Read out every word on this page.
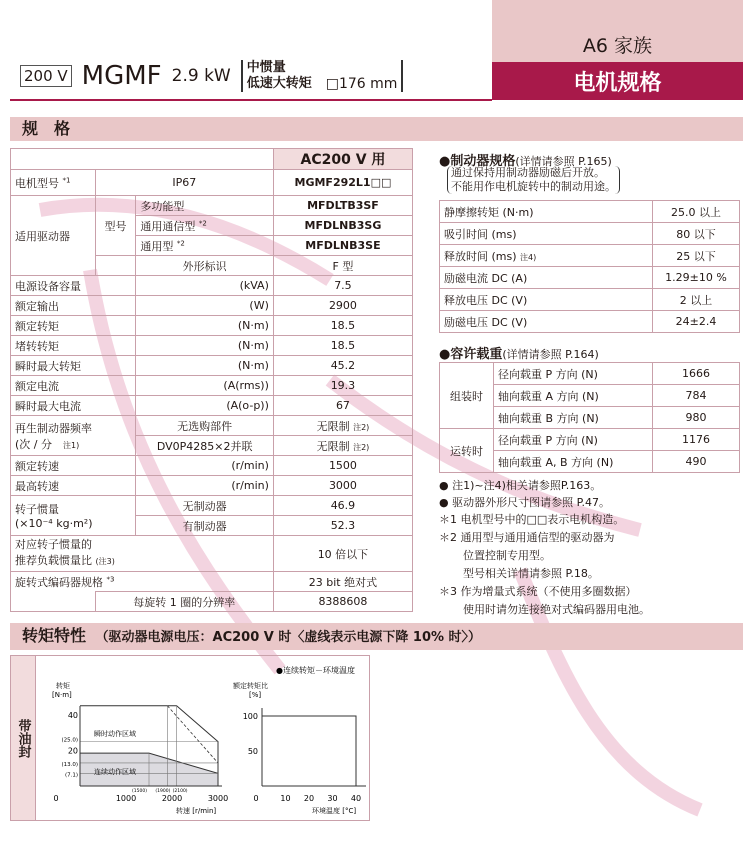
A6 家族
电机规格
200 V MGMF 2.9 kW 中惯量
低速大转矩 □176 mm
规　格
			AC200 V 用
电机型号 $^{*1}$	IP67		MGMF292L1□□
适用驱动器	型号	多功能型	MFDLTB3SF
		通用通信型 $^{*2}$	MFDLNB3SG
		通用型 $^{*2}$	MFDLNB3SE
		外形标识	F 型
电源设备容量		(kVA)	7.5
额定输出		(W)	2900
额定转矩		(N·m)	18.5
堵转转矩		(N·m)	18.5
瞬时最大转矩		(N·m)	45.2
额定电流		(A(rms))	19.3
瞬时最大电流		(A(o-p))	67
再生制动器频率
(次 / 分　 注1)		无选购部件	无限制 注2)
		DV0P4285×2并联	无限制 注2)
额定转速		(r/min)	1500
最高转速		(r/min)	3000
转子惯量
(×10⁻⁴ kg·m²)		无制动器	46.9
		有制动器	52.3
对应转子惯量的
推荐负载惯量比 (注3)			10 倍以下
旋转式编码器规格 $^{*3}$			23 bit 绝对式
	每旋转 1 圈的分辨率		8388608
●制动器规格(详情请参照 P.165)
通过保持用制动器励磁后开放。
不能用作电机旋转中的制动用途。
静摩擦转矩 (N·m)	25.0 以上
吸引时间 (ms)	80 以下
释放时间 (ms) 注4)	25 以下
励磁电流 DC (A)	1.29±10 %
释放电压 DC (V)	2 以上
励磁电压 DC (V)	24±2.4
●容许载重(详情请参照 P.164)
组装时	径向载重 P 方向 (N)	1666
	轴向载重 A 方向 (N)	784
	轴向载重 B 方向 (N)	980
运转时	径向载重 P 方向 (N)	1176
	轴向载重 A, B 方向 (N)	490
● 注1)~注4)相关请参照P.163。
● 驱动器外形尺寸图请参照 P.47。
＊1 电机型号中的□□表示电机构造。
＊2 通用型与通用通信型的驱动器为
位置控制专用型。
型号相关详情请参照 P.18。
＊3 作为增量式系统（不使用多圈数据）
使用时请勿连接绝对式编码器用电池。
转矩特性　 （驱动器电源电压：AC200 V 时〈虚线表示电源下降 10% 时〉）
带油封
转矩
[N·m]
转速 [r/min]
0	1000	2000	3000
(1500) (1900) (2100)
40
20
(25.0)
(13.0)
(7.1)
瞬时动作区域
连续动作区域
●连续转矩－环境温度
额定转矩比
[%]
0	10 20 30 40
100
50
环境温度 [°C]
